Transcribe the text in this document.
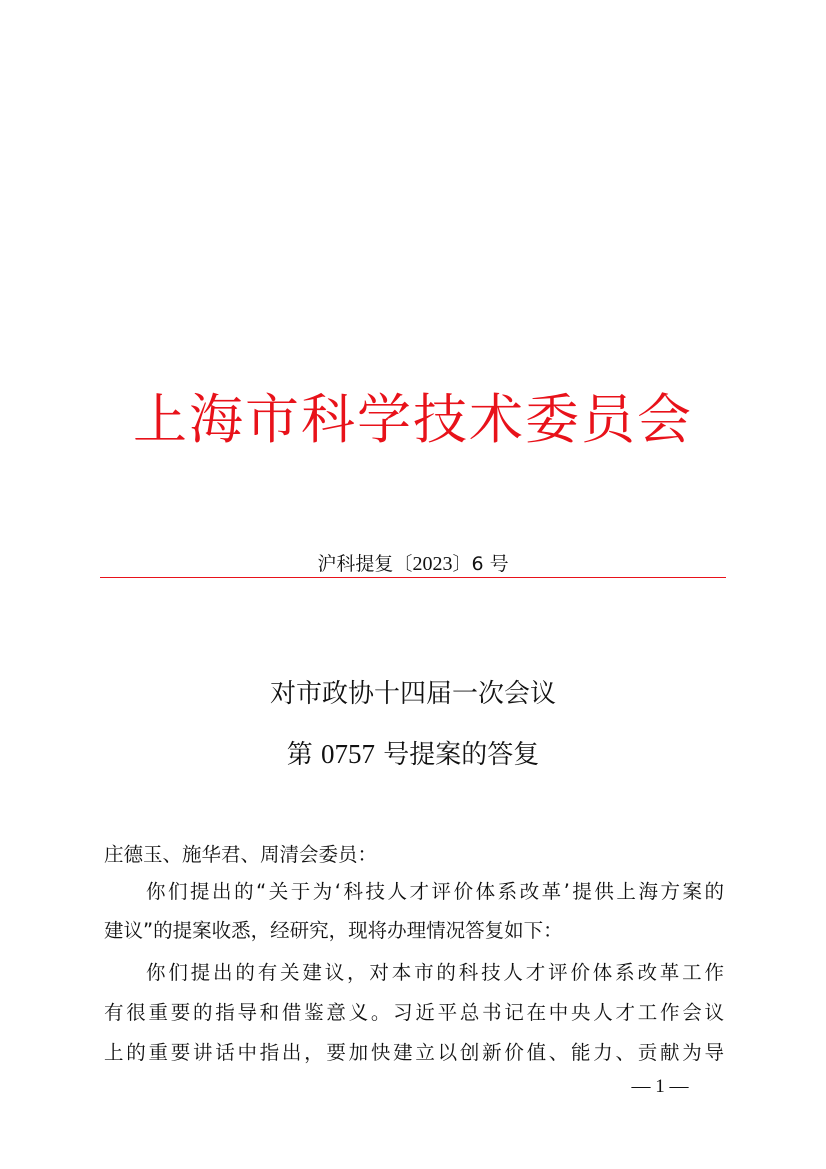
上海市科学技术委员会
沪科提复〔2023〕6 号
对市政协十四届一次会议
第 0757 号提案的答复
庄德玉、施华君、周清会委员：
你们提出的“关于为‘科技人才评价体系改革’提供上海方案的
建议”的提案收悉，经研究，现将办理情况答复如下：
你们提出的有关建议，对本市的科技人才评价体系改革工作
有很重要的指导和借鉴意义。习近平总书记在中央人才工作会议
上的重要讲话中指出，要加快建立以创新价值、能力、贡献为导
— 1 —
